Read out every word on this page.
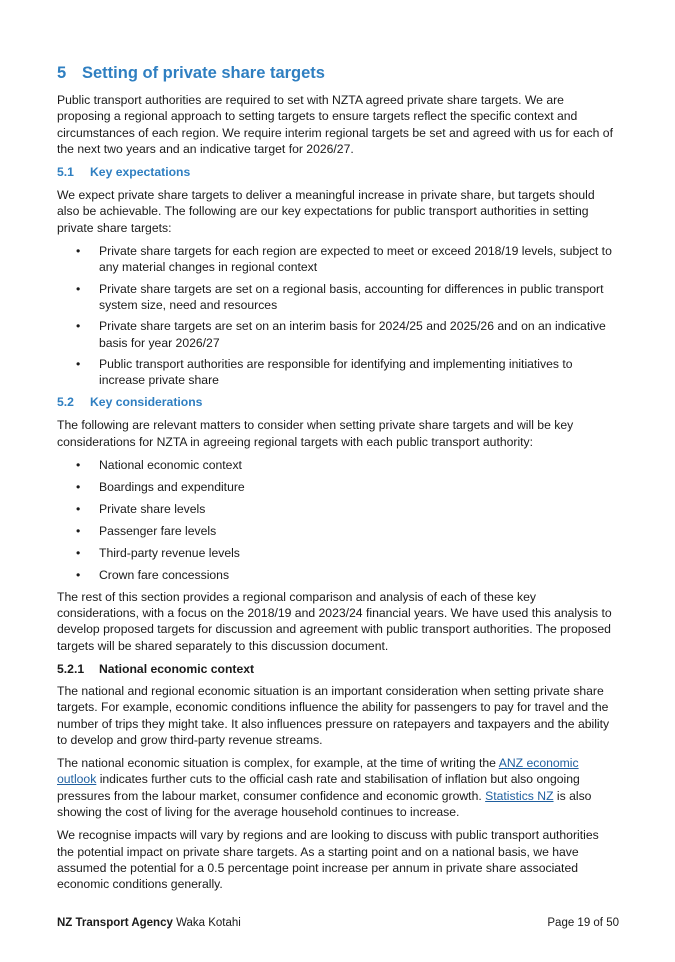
5 Setting of private share targets

Public transport authorities are required to set with NZTA agreed private share targets. We are proposing a regional approach to setting targets to ensure targets reflect the specific context and circumstances of each region. We require interim regional targets be set and agreed with us for each of the next two years and an indicative target for 2026/27.

5.1 Key expectations

We expect private share targets to deliver a meaningful increase in private share, but targets should also be achievable. The following are our key expectations for public transport authorities in setting private share targets:

• Private share targets for each region are expected to meet or exceed 2018/19 levels, subject to any material changes in regional context
• Private share targets are set on a regional basis, accounting for differences in public transport system size, need and resources
• Private share targets are set on an interim basis for 2024/25 and 2025/26 and on an indicative basis for year 2026/27
• Public transport authorities are responsible for identifying and implementing initiatives to increase private share
5.2 Key considerations

The following are relevant matters to consider when setting private share targets and will be key considerations for NZTA in agreeing regional targets with each public transport authority:

• National economic context
• Boardings and expenditure
• Private share levels
• Passenger fare levels
• Third-party revenue levels
• Crown fare concessions

The rest of this section provides a regional comparison and analysis of each of these key considerations, with a focus on the 2018/19 and 2023/24 financial years. We have used this analysis to develop proposed targets for discussion and agreement with public transport authorities. The proposed targets will be shared separately to this discussion document.

5.2.1 National economic context

The national and regional economic situation is an important consideration when setting private share targets. For example, economic conditions influence the ability for passengers to pay for travel and the number of trips they might take. It also influences pressure on ratepayers and taxpayers and the ability to develop and grow third-party revenue streams.

The national economic situation is complex, for example, at the time of writing the ANZ economic outlook indicates further cuts to the official cash rate and stabilisation of inflation but also ongoing pressures from the labour market, consumer confidence and economic growth. Statistics NZ is also showing the cost of living for the average household continues to increase.

We recognise impacts will vary by regions and are looking to discuss with public transport authorities the potential impact on private share targets. As a starting point and on a national basis, we have assumed the potential for a 0.5 percentage point increase per annum in private share associated economic conditions generally.

NZ Transport Agency Waka Kotahi	Page 19 of 50
